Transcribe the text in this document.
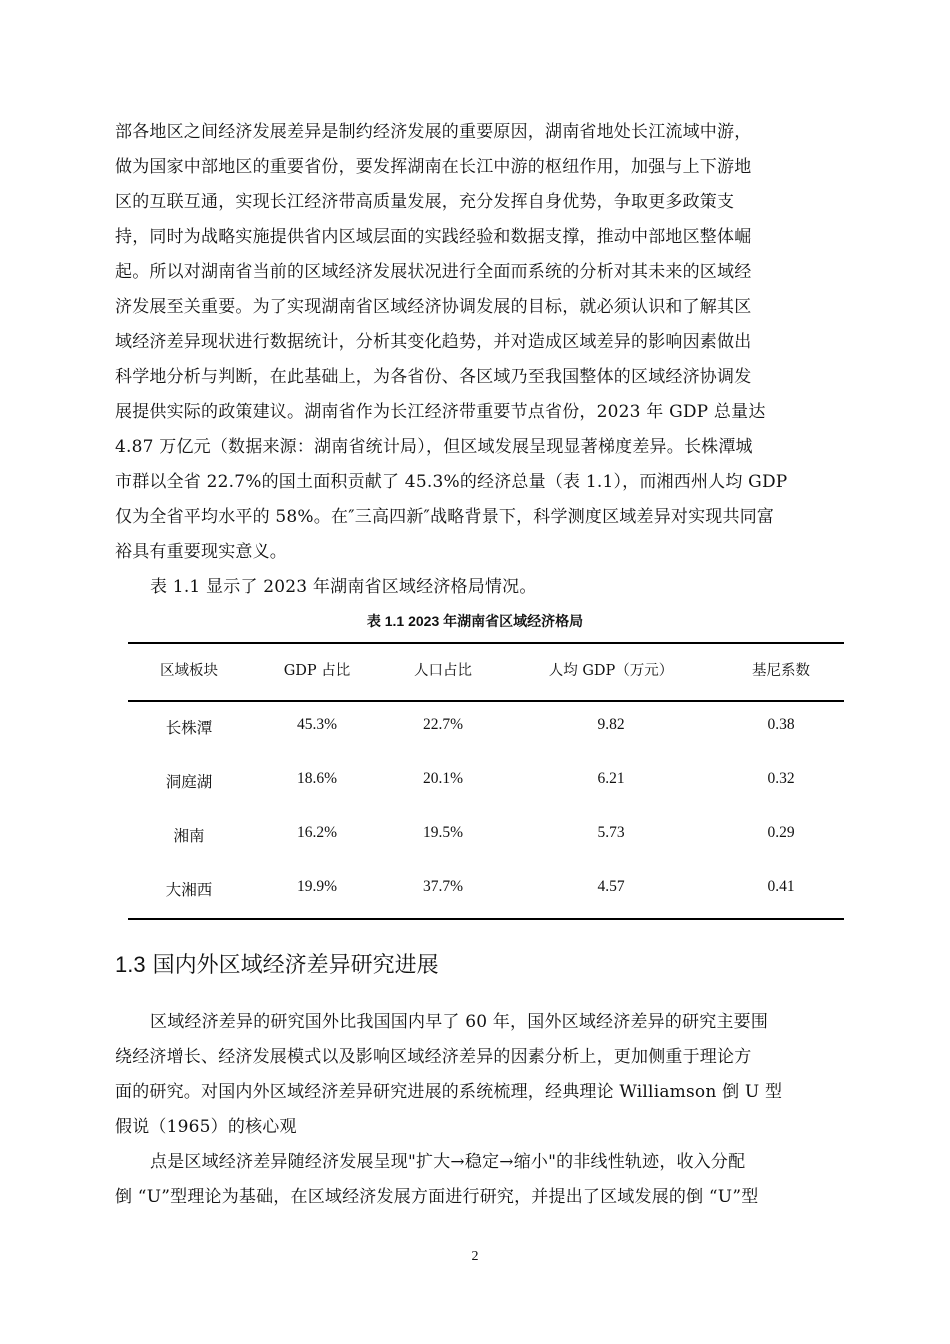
部各地区之间经济发展差异是制约经济发展的重要原因，湖南省地处长江流域中游，
做为国家中部地区的重要省份，要发挥湖南在长江中游的枢纽作用，加强与上下游地
区的互联互通，实现长江经济带高质量发展，充分发挥自身优势，争取更多政策支
持，同时为战略实施提供省内区域层面的实践经验和数据支撑，推动中部地区整体崛
起。所以对湖南省当前的区域经济发展状况进行全面而系统的分析对其未来的区域经
济发展至关重要。为了实现湖南省区域经济协调发展的目标，就必须认识和了解其区
域经济差异现状进行数据统计，分析其变化趋势，并对造成区域差异的影响因素做出
科学地分析与判断，在此基础上，为各省份、各区域乃至我国整体的区域经济协调发
展提供实际的政策建议。湖南省作为长江经济带重要节点省份，2023 年 GDP 总量达
4.87 万亿元（数据来源：湖南省统计局），但区域发展呈现显著梯度差异。长株潭城
市群以全省 22.7%的国土面积贡献了 45.3%的经济总量（表 1.1），而湘西州人均 GDP
仅为全省平均水平的 58%。在″三高四新″战略背景下，科学测度区域差异对实现共同富
裕具有重要现实意义。
表 1.1 显示了 2023 年湖南省区域经济格局情况。
表 1.1 2023 年湖南省区域经济格局
区域板块	GDP 占比	人口占比	人均 GDP（万元）	基尼系数
长株潭	45.3%	22.7%	9.82	0.38
洞庭湖	18.6%	20.1%	6.21	0.32
湘南	16.2%	19.5%	5.73	0.29
大湘西	19.9%	37.7%	4.57	0.41
1.3 国内外区域经济差异研究进展
区域经济差异的研究国外比我国国内早了 60 年，国外区域经济差异的研究主要围
绕经济增长、经济发展模式以及影响区域经济差异的因素分析上，更加侧重于理论方
面的研究。对国内外区域经济差异研究进展的系统梳理，经典理论 Williamson 倒 U 型
假说（1965）的核心观
点是区域经济差异随经济发展呈现"扩大→稳定→缩小"的非线性轨迹，收入分配
倒 “U”型理论为基础，在区域经济发展方面进行研究，并提出了区域发展的倒 “U”型
2
